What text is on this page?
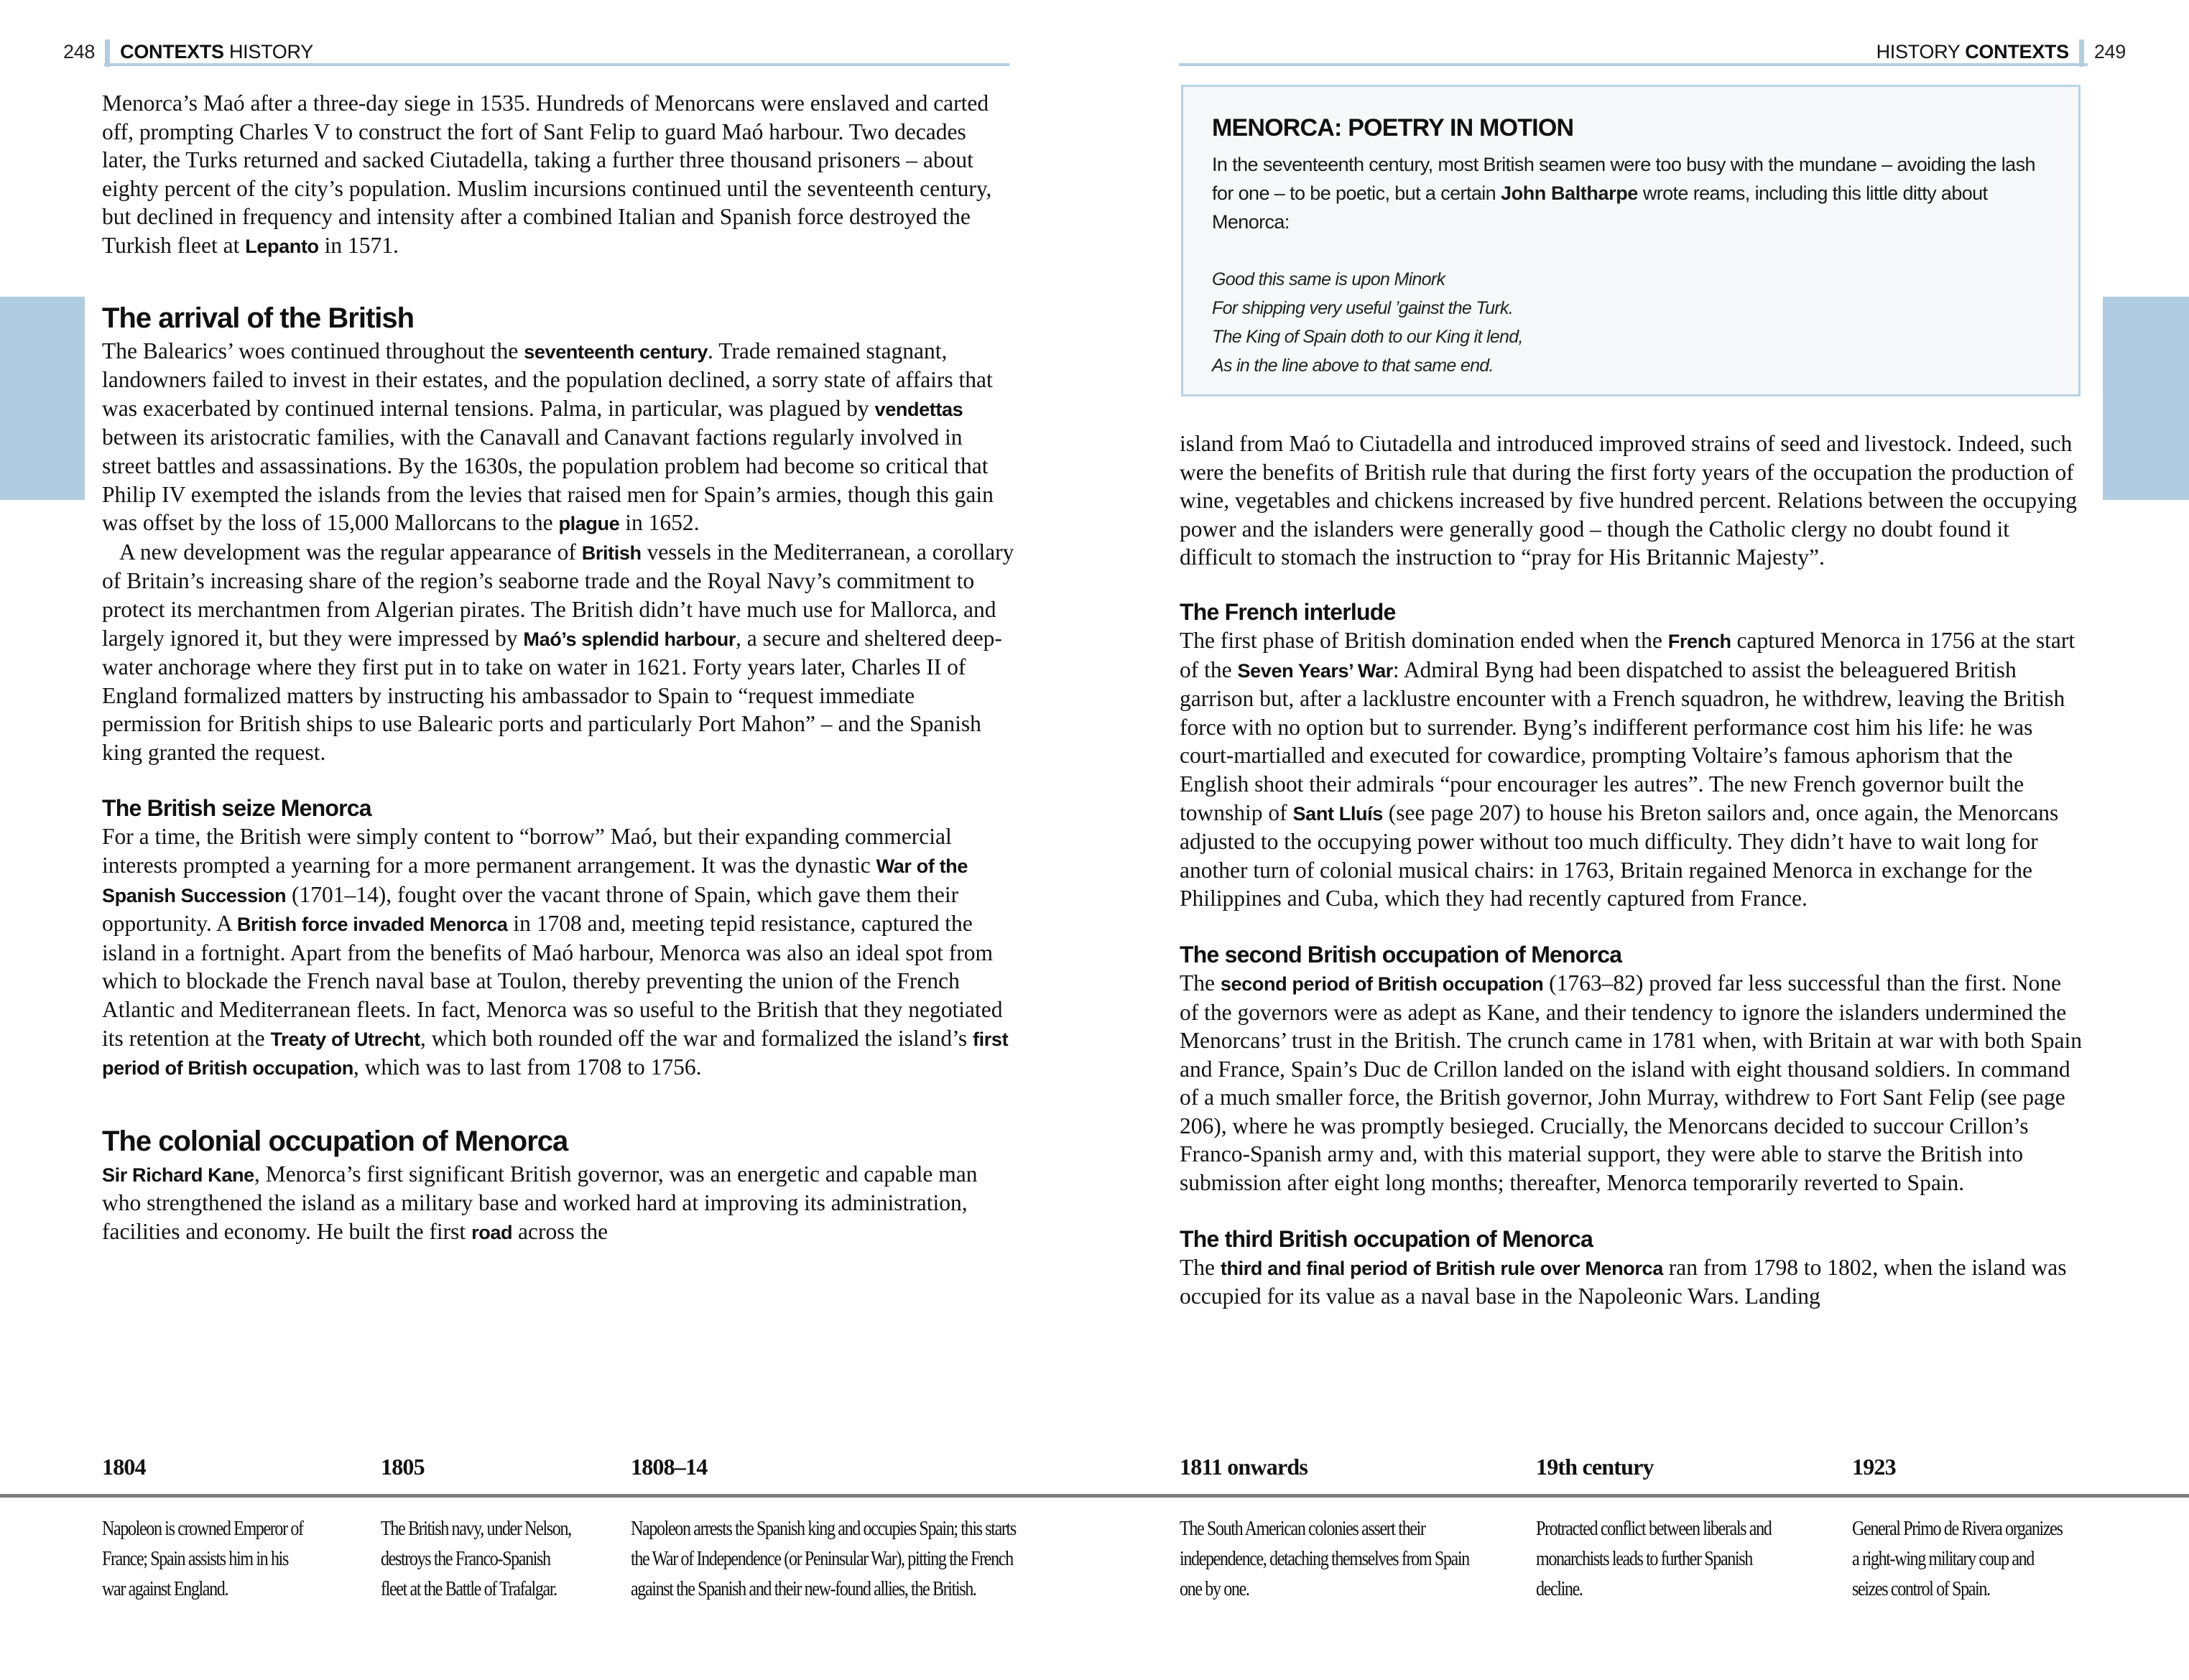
248 CONTEXTS HISTORY

Menorca’s Maó after a three-day siege in 1535. Hundreds of Menorcans were enslaved and carted off, prompting Charles V to construct the fort of Sant Felip to guard Maó harbour. Two decades later, the Turks returned and sacked Ciutadella, taking a further three thousand prisoners – about eighty percent of the city’s population. Muslim incursions continued until the seventeenth century, but declined in frequency and intensity after a combined Italian and Spanish force destroyed the Turkish fleet at Lepanto in 1571.

The arrival of the British

The Balearics’ woes continued throughout the seventeenth century. Trade remained stagnant, landowners failed to invest in their estates, and the population declined, a sorry state of affairs that was exacerbated by continued internal tensions. Palma, in particular, was plagued by vendettas between its aristocratic families, with the Canavall and Canavant factions regularly involved in street battles and assassinations. By the 1630s, the population problem had become so critical that Philip IV exempted the islands from the levies that raised men for Spain’s armies, though this gain was offset by the loss of 15,000 Mallorcans to the plague in 1652.

A new development was the regular appearance of British vessels in the Mediterranean, a corollary of Britain’s increasing share of the region’s seaborne trade and the Royal Navy’s commitment to protect its merchantmen from Algerian pirates. The British didn’t have much use for Mallorca, and largely ignored it, but they were impressed by Maó’s splendid harbour, a secure and sheltered deep-water anchorage where they first put in to take on water in 1621. Forty years later, Charles II of England formalized matters by instructing his ambassador to Spain to “request immediate permission for British ships to use Balearic ports and particularly Port Mahon” – and the Spanish king granted the request.

The British seize Menorca

For a time, the British were simply content to “borrow” Maó, but their expanding commercial interests prompted a yearning for a more permanent arrangement. It was the dynastic War of the Spanish Succession (1701–14), fought over the vacant throne of Spain, which gave them their opportunity. A British force invaded Menorca in 1708 and, meeting tepid resistance, captured the island in a fortnight. Apart from the benefits of Maó harbour, Menorca was also an ideal spot from which to blockade the French naval base at Toulon, thereby preventing the union of the French Atlantic and Mediterranean fleets. In fact, Menorca was so useful to the British that they negotiated its retention at the Treaty of Utrecht, which both rounded off the war and formalized the island’s first period of British occupation, which was to last from 1708 to 1756.

The colonial occupation of Menorca

Sir Richard Kane, Menorca’s first significant British governor, was an energetic and capable man who strengthened the island as a military base and worked hard at improving its administration, facilities and economy. He built the first road across the

HISTORY CONTEXTS 249
MENORCA: POETRY IN MOTION

In the seventeenth century, most British seamen were too busy with the mundane – avoiding the lash for one – to be poetic, but a certain John Baltharpe wrote reams, including this little ditty about Menorca:

Good this same is upon Minork
For shipping very useful ’gainst the Turk.
The King of Spain doth to our King it lend,
As in the line above to that same end.

island from Maó to Ciutadella and introduced improved strains of seed and livestock. Indeed, such were the benefits of British rule that during the first forty years of the occupation the production of wine, vegetables and chickens increased by five hundred percent. Relations between the occupying power and the islanders were generally good – though the Catholic clergy no doubt found it difficult to stomach the instruction to “pray for His Britannic Majesty”.

The French interlude

The first phase of British domination ended when the French captured Menorca in 1756 at the start of the Seven Years’ War: Admiral Byng had been dispatched to assist the beleaguered British garrison but, after a lacklustre encounter with a French squadron, he withdrew, leaving the British force with no option but to surrender. Byng’s indifferent performance cost him his life: he was court-martialled and executed for cowardice, prompting Voltaire’s famous aphorism that the English shoot their admirals “pour encourager les autres”. The new French governor built the township of Sant Lluís (see page 207) to house his Breton sailors and, once again, the Menorcans adjusted to the occupying power without too much difficulty. They didn’t have to wait long for another turn of colonial musical chairs: in 1763, Britain regained Menorca in exchange for the Philippines and Cuba, which they had recently captured from France.

The second British occupation of Menorca

The second period of British occupation (1763–82) proved far less successful than the first. None of the governors were as adept as Kane, and their tendency to ignore the islanders undermined the Menorcans’ trust in the British. The crunch came in 1781 when, with Britain at war with both Spain and France, Spain’s Duc de Crillon landed on the island with eight thousand soldiers. In command of a much smaller force, the British governor, John Murray, withdrew to Fort Sant Felip (see page 206), where he was promptly besieged. Crucially, the Menorcans decided to succour Crillon’s Franco-Spanish army and, with this material support, they were able to starve the British into submission after eight long months; thereafter, Menorca temporarily reverted to Spain.

The third British occupation of Menorca

The third and final period of British rule over Menorca ran from 1798 to 1802, when the island was occupied for its value as a naval base in the Napoleonic Wars. Landing

1804
Napoleon is crowned Emperor of France; Spain assists him in his war against England.
1805
The British navy, under Nelson, destroys the Franco-Spanish fleet at the Battle of Trafalgar.
1808–14
Napoleon arrests the Spanish king and occupies Spain; this starts the War of Independence (or Peninsular War), pitting the French against the Spanish and their new-found allies, the British.
1811 onwards
The South American colonies assert their independence, detaching themselves from Spain one by one.
19th century
Protracted conflict between liberals and monarchists leads to further Spanish decline.
1923
General Primo de Rivera organizes a right-wing military coup and seizes control of Spain.
